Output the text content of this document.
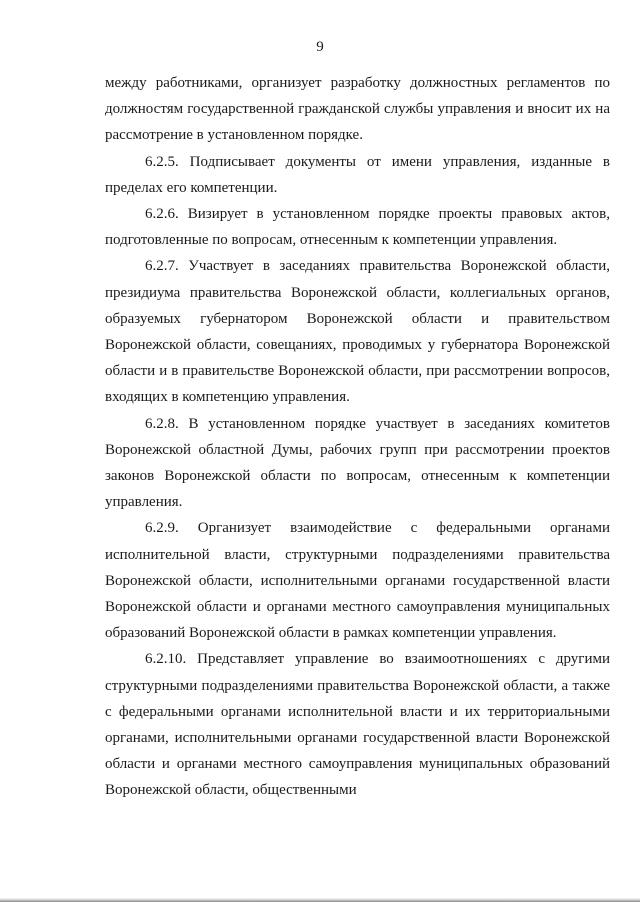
9

между работниками, организует разработку должностных регламентов по должностям государственной гражданской службы управления и вносит их на рассмотрение в установленном порядке.

6.2.5. Подписывает документы от имени управления, изданные в пределах его компетенции.

6.2.6. Визирует в установленном порядке проекты правовых актов, подготовленные по вопросам, отнесенным к компетенции управления.

6.2.7. Участвует в заседаниях правительства Воронежской области, президиума правительства Воронежской области, коллегиальных органов, образуемых губернатором Воронежской области и правительством Воронежской области, совещаниях, проводимых у губернатора Воронежской области и в правительстве Воронежской области, при рассмотрении вопросов, входящих в компетенцию управления.

6.2.8. В установленном порядке участвует в заседаниях комитетов Воронежской областной Думы, рабочих групп при рассмотрении проектов законов Воронежской области по вопросам, отнесенным к компетенции управления.

6.2.9. Организует взаимодействие с федеральными органами исполнительной власти, структурными подразделениями правительства Воронежской области, исполнительными органами государственной власти Воронежской области и органами местного самоуправления муниципальных образований Воронежской области в рамках компетенции управления.

6.2.10. Представляет управление во взаимоотношениях с другими структурными подразделениями правительства Воронежской области, а также с федеральными органами исполнительной власти и их территориальными органами, исполнительными органами государственной власти Воронежской области и органами местного самоуправления муниципальных образований Воронежской области, общественными
